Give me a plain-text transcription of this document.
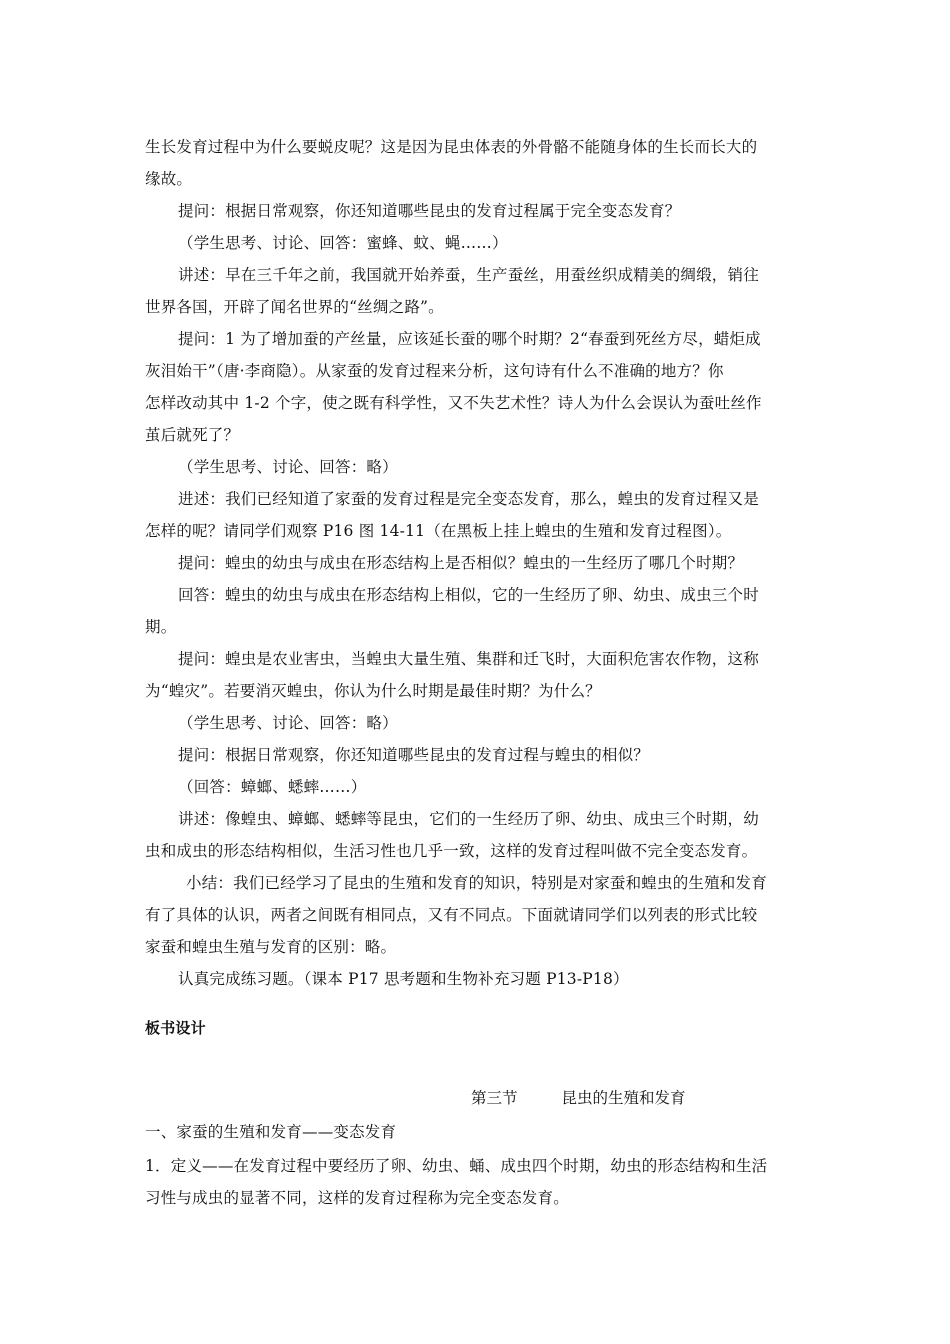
生长发育过程中为什么要蜕皮呢？这是因为昆虫体表的外骨骼不能随身体的生长而长大的
缘故。
提问：根据日常观察，你还知道哪些昆虫的发育过程属于完全变态发育？
（学生思考、讨论、回答：蜜蜂、蚊、蝇……）
讲述：早在三千年之前，我国就开始养蚕，生产蚕丝，用蚕丝织成精美的绸缎，销往
世界各国，开辟了闻名世界的“丝绸之路”。
提问：1 为了增加蚕的产丝量，应该延长蚕的哪个时期？2“春蚕到死丝方尽，蜡炬成
灰泪始干”（唐·李商隐）。从家蚕的发育过程来分析，这句诗有什么不准确的地方？你
怎样改动其中 1-2 个字，使之既有科学性，又不失艺术性？诗人为什么会误认为蚕吐丝作
茧后就死了？
（学生思考、讨论、回答：略）
进述：我们已经知道了家蚕的发育过程是完全变态发育，那么，蝗虫的发育过程又是
怎样的呢？请同学们观察 P16 图 14-11（在黑板上挂上蝗虫的生殖和发育过程图）。
提问：蝗虫的幼虫与成虫在形态结构上是否相似？蝗虫的一生经历了哪几个时期？
回答：蝗虫的幼虫与成虫在形态结构上相似，它的一生经历了卵、幼虫、成虫三个时
期。
提问：蝗虫是农业害虫，当蝗虫大量生殖、集群和迁飞时，大面积危害农作物，这称
为“蝗灾”。若要消灭蝗虫，你认为什么时期是最佳时期？为什么？
（学生思考、讨论、回答：略）
提问：根据日常观察，你还知道哪些昆虫的发育过程与蝗虫的相似？
（回答：蟑螂、蟋蟀……）
讲述：像蝗虫、蟑螂、蟋蟀等昆虫，它们的一生经历了卵、幼虫、成虫三个时期，幼
虫和成虫的形态结构相似，生活习性也几乎一致，这样的发育过程叫做不完全变态发育。
小结：我们已经学习了昆虫的生殖和发育的知识，特别是对家蚕和蝗虫的生殖和发育
有了具体的认识，两者之间既有相同点，又有不同点。下面就请同学们以列表的形式比较
家蚕和蝗虫生殖与发育的区别：略。
认真完成练习题。（课本 P17 思考题和生物补充习题 P13-P18）
板书设计
第三节	昆虫的生殖和发育
一、家蚕的生殖和发育——变态发育
1．定义——在发育过程中要经历了卵、幼虫、蛹、成虫四个时期，幼虫的形态结构和生活
习性与成虫的显著不同，这样的发育过程称为完全变态发育。
